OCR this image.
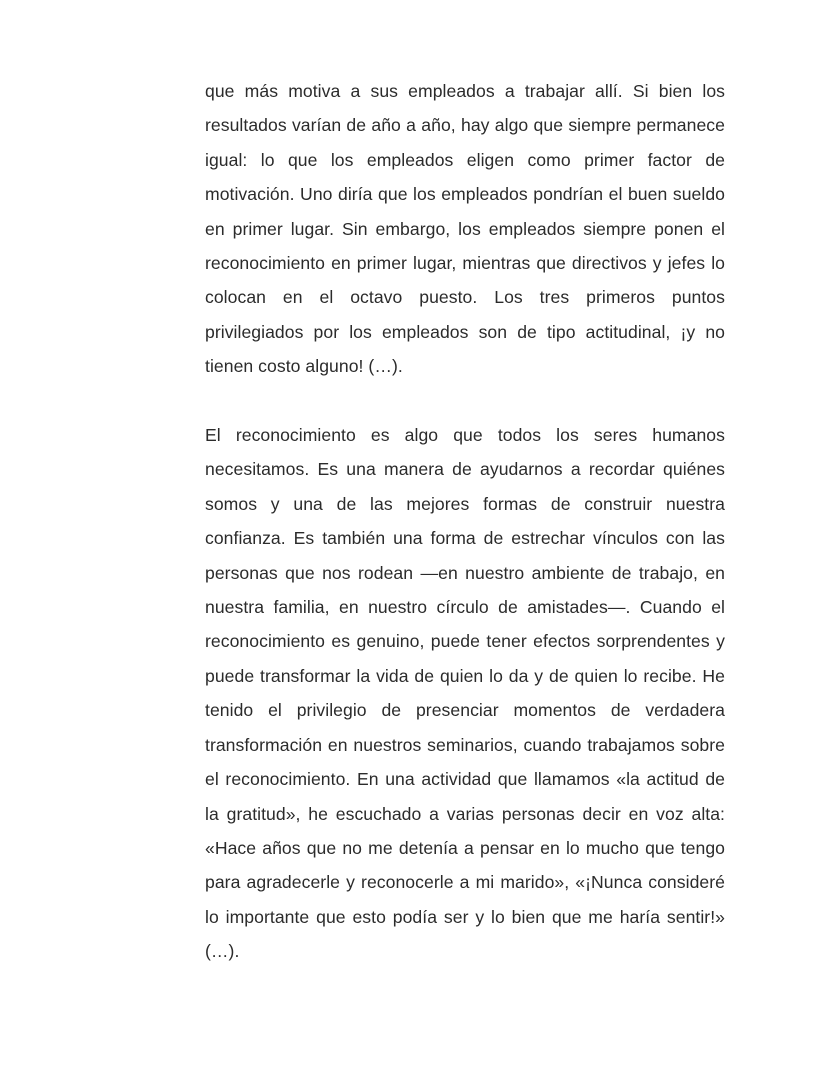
que más motiva a sus empleados a trabajar allí. Si bien los resultados varían de año a año, hay algo que siempre permanece igual: lo que los empleados eligen como primer factor de motivación. Uno diría que los empleados pondrían el buen sueldo en primer lugar. Sin embargo, los empleados siempre ponen el reconocimiento en primer lugar, mientras que directivos y jefes lo colocan en el octavo puesto. Los tres primeros puntos privilegiados por los empleados son de tipo actitudinal, ¡y no tienen costo alguno! (…).

El reconocimiento es algo que todos los seres humanos necesitamos. Es una manera de ayudarnos a recordar quiénes somos y una de las mejores formas de construir nuestra confianza. Es también una forma de estrechar vínculos con las personas que nos rodean —en nuestro ambiente de trabajo, en nuestra familia, en nuestro círculo de amistades—. Cuando el reconocimiento es genuino, puede tener efectos sorprendentes y puede transformar la vida de quien lo da y de quien lo recibe. He tenido el privilegio de presenciar momentos de verdadera transformación en nuestros seminarios, cuando trabajamos sobre el reconocimiento. En una actividad que llamamos «la actitud de la gratitud», he escuchado a varias personas decir en voz alta: «Hace años que no me detenía a pensar en lo mucho que tengo para agradecerle y reconocerle a mi marido», «¡Nunca consideré lo importante que esto podía ser y lo bien que me haría sentir!» (…).
